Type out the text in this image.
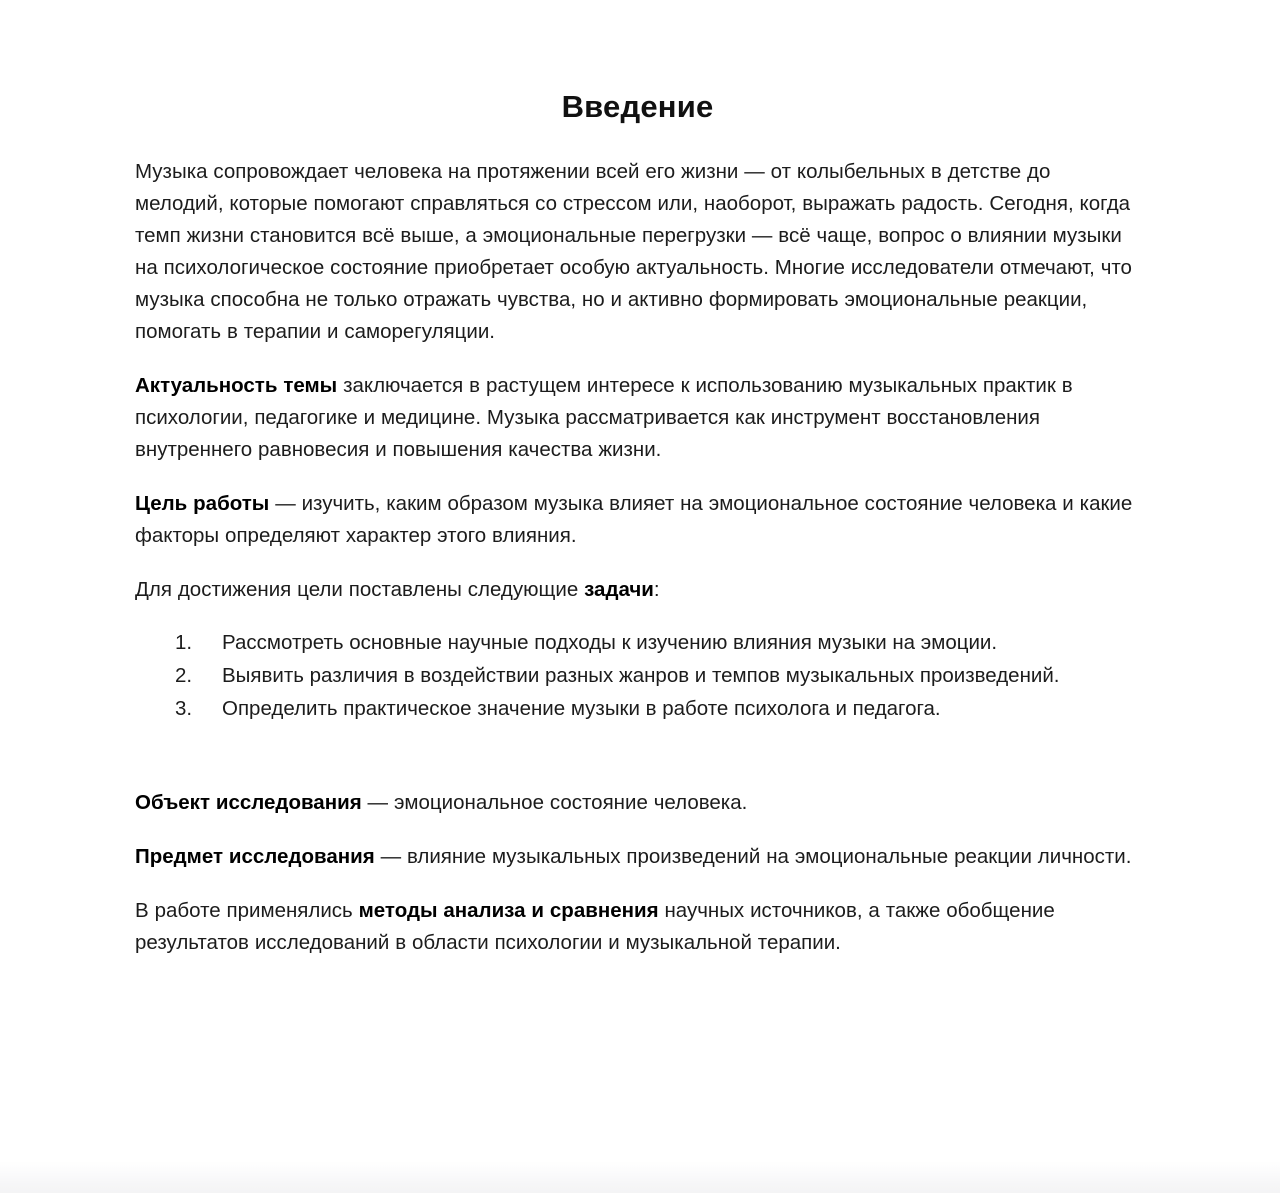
Введение

Музыка сопровождает человека на протяжении всей его жизни — от колыбельных в детстве до мелодий, которые помогают справляться со стрессом или, наоборот, выражать радость. Сегодня, когда темп жизни становится всё выше, а эмоциональные перегрузки — всё чаще, вопрос о влиянии музыки на психологическое состояние приобретает особую актуальность. Многие исследователи отмечают, что музыка способна не только отражать чувства, но и активно формировать эмоциональные реакции, помогать в терапии и саморегуляции.

Актуальность темы заключается в растущем интересе к использованию музыкальных практик в психологии, педагогике и медицине. Музыка рассматривается как инструмент восстановления внутреннего равновесия и повышения качества жизни.

Цель работы — изучить, каким образом музыка влияет на эмоциональное состояние человека и какие факторы определяют характер этого влияния.

Для достижения цели поставлены следующие задачи:

1.	Рассмотреть основные научные подходы к изучению влияния музыки на эмоции.
2.	Выявить различия в воздействии разных жанров и темпов музыкальных произведений.
3.	Определить практическое значение музыки в работе психолога и педагога.

Объект исследования — эмоциональное состояние человека.

Предмет исследования — влияние музыкальных произведений на эмоциональные реакции личности.

В работе применялись методы анализа и сравнения научных источников, а также обобщение результатов исследований в области психологии и музыкальной терапии.
